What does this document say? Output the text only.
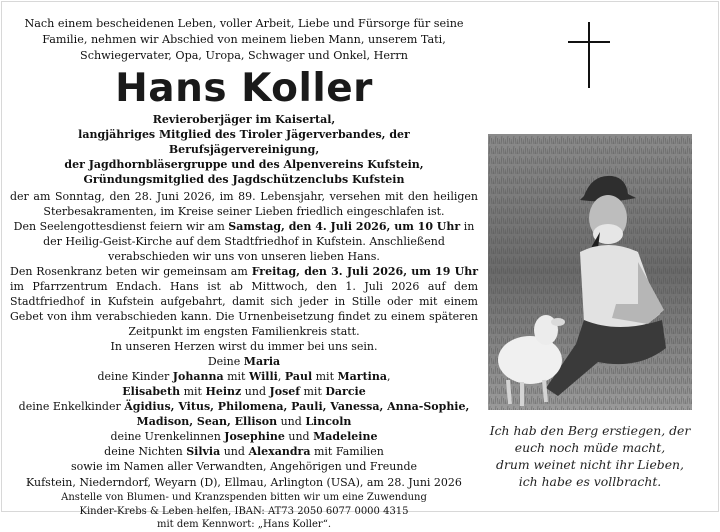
Nach einem bescheidenen Leben, voller Arbeit, Liebe und Fürsorge für seine
Familie, nehmen wir Abschied von meinem lieben Mann, unserem Tati,
Schwiegervater, Opa, Uropa, Schwager und Onkel, Herrn
Hans Koller
Revieroberjäger im Kaisertal,
langjähriges Mitglied des Tiroler Jägerverbandes, der Berufsjägervereinigung,
der Jagdhornbläsergruppe und des Alpenvereins Kufstein,
Gründungsmitglied des Jagdschützenclubs Kufstein

der am Sonntag, den 28. Juni 2026, im 89. Lebensjahr, versehen mit den heiligen Sterbesakramenten, im Kreise seiner Lieben friedlich eingeschlafen ist.

Den Seelengottesdienst feiern wir am Samstag, den 4. Juli 2026, um 10 Uhr in der Heilig-Geist-Kirche auf dem Stadtfriedhof in Kufstein. Anschließend verabschieden wir uns von unseren lieben Hans.

Den Rosenkranz beten wir gemeinsam am Freitag, den 3. Juli 2026, um 19 Uhr im Pfarrzentrum Endach. Hans ist ab Mittwoch, den 1. Juli 2026 auf dem Stadtfriedhof in Kufstein aufgebahrt, damit sich jeder in Stille oder mit einem Gebet von ihm verabschieden kann. Die Urnenbeisetzung findet zu einem späteren Zeitpunkt im engsten Familienkreis statt.

In unseren Herzen wirst du immer bei uns sein.

Deine Maria
deine Kinder Johanna mit Willi, Paul mit Martina,
Elisabeth mit Heinz und Josef mit Darcie
deine Enkelkinder Ägidius, Vitus, Philomena, Pauli, Vanessa, Anna-Sophie,
Madison, Sean, Ellison und Lincoln
deine Urenkelinnen Josephine und Madeleine
deine Nichten Silvia und Alexandra mit Familien
sowie im Namen aller Verwandten, Angehörigen und Freunde

Kufstein, Niederndorf, Weyarn (D), Ellmau, Arlington (USA), am 28. Juni 2026

Anstelle von Blumen- und Kranzspenden bitten wir um eine Zuwendung
Kinder-Krebs & Leben helfen, IBAN: AT73 2050 6077 0000 4315
mit dem Kennwort: „Hans Koller“.
Ich hab den Berg erstiegen, der
euch noch müde macht,
drum weinet nicht ihr Lieben,
ich habe es vollbracht.
